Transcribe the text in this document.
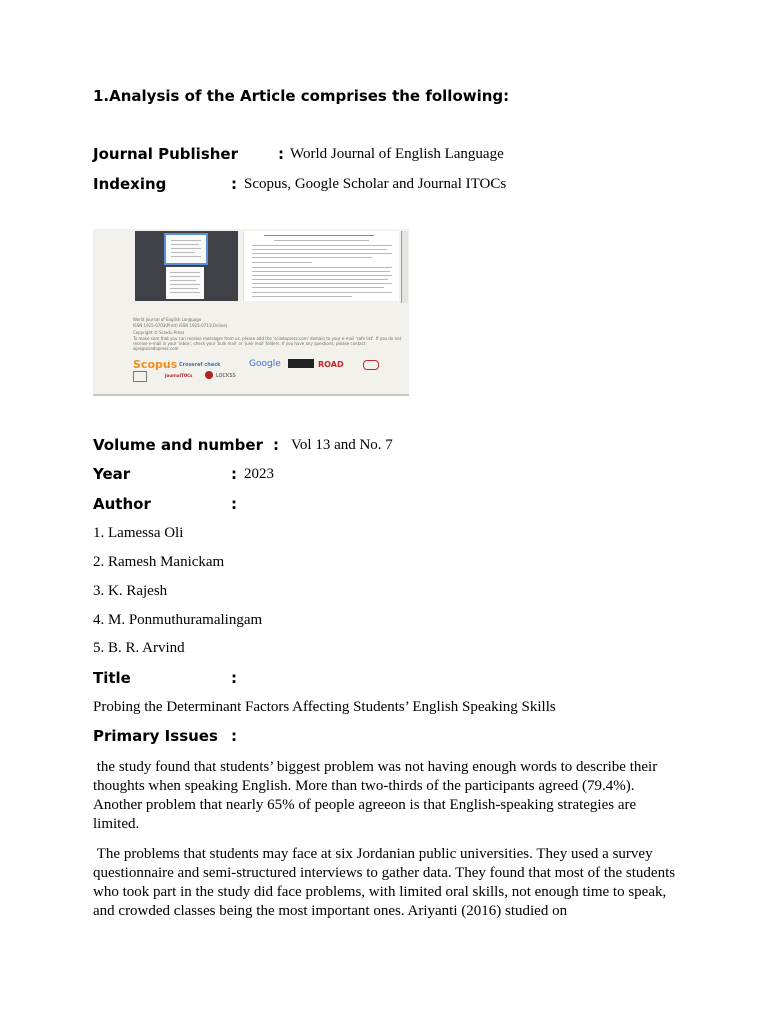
1.Analysis of the Article comprises the following:
Journal Publisher	: World Journal of English Language
Indexing	: Scopus, Google Scholar and Journal ITOCs
World Journal of English Language
ISSN 1925-0703(Print) ISSN 1925-0711(Online)
Copyright © Sciedu Press
To make sure that you can receive messages from us, please add the 'sciedupress.com' domain to your e-mail 'safe list'. If you do not
receive e-mail in your 'inbox', check your 'bulk mail' or 'junk mail' folders. If you have any questions, please contact:
wjel@sciedupress.com
Scopus Crossref check	Google	ROAD
JournalTOCs	LOCKSS
Volume and number : Vol 13 and No. 7
Year	: 2023
Author	:
1. Lamessa Oli
2. Ramesh Manickam
3. K. Rajesh
4. M. Ponmuthuramalingam
5. B. R. Arvind
Title	:
Probing the Determinant Factors Affecting Students’ English Speaking Skills
Primary Issues :
the study found that students’ biggest problem was not having enough words to describe their thoughts when speaking English. More than two-thirds of the participants agreed (79.4%). Another problem that nearly 65% of people agreeon is that English-speaking strategies are limited.
The problems that students may face at six Jordanian public universities. They used a survey questionnaire and semi-structured interviews to gather data. They found that most of the students who took part in the study did face problems, with limited oral skills, not enough time to speak, and crowded classes being the most important ones. Ariyanti (2016) studied on
